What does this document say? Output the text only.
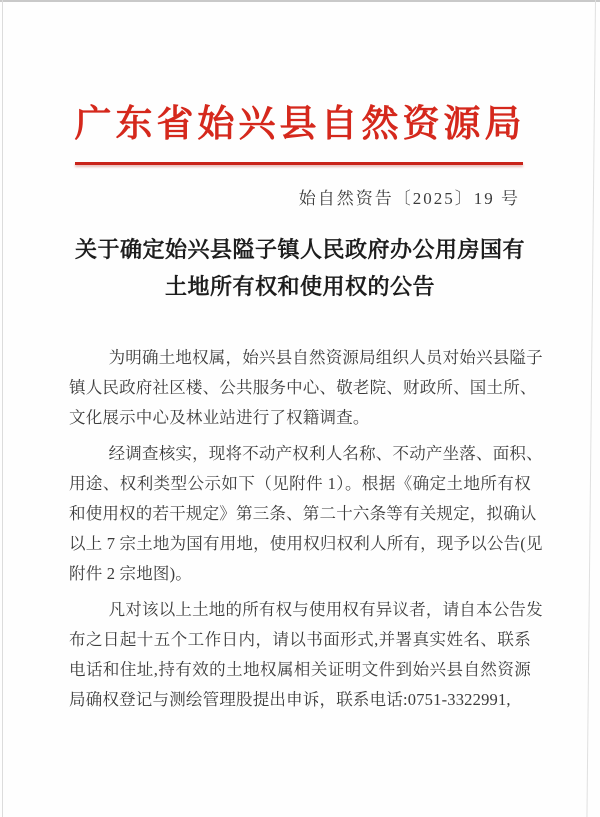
广东省始兴县自然资源局
始自然资告〔2025〕19 号
关于确定始兴县隘子镇人民政府办公用房国有
土地所有权和使用权的公告

为明确土地权属，始兴县自然资源局组织人员对始兴县隘子
镇人民政府社区楼、公共服务中心、敬老院、财政所、国土所、
文化展示中心及林业站进行了权籍调查。

经调查核实，现将不动产权利人名称、不动产坐落、面积、
用途、权利类型公示如下（见附件 1）。根据《确定土地所有权
和使用权的若干规定》第三条、第二十六条等有关规定，拟确认
以上 7 宗土地为国有用地，使用权归权利人所有，现予以公告(见
附件 2 宗地图)。

凡对该以上土地的所有权与使用权有异议者，请自本公告发
布之日起十五个工作日内，请以书面形式,并署真实姓名、联系
电话和住址,持有效的土地权属相关证明文件到始兴县自然资源
局确权登记与测绘管理股提出申诉，联系电话:0751-3322991,
